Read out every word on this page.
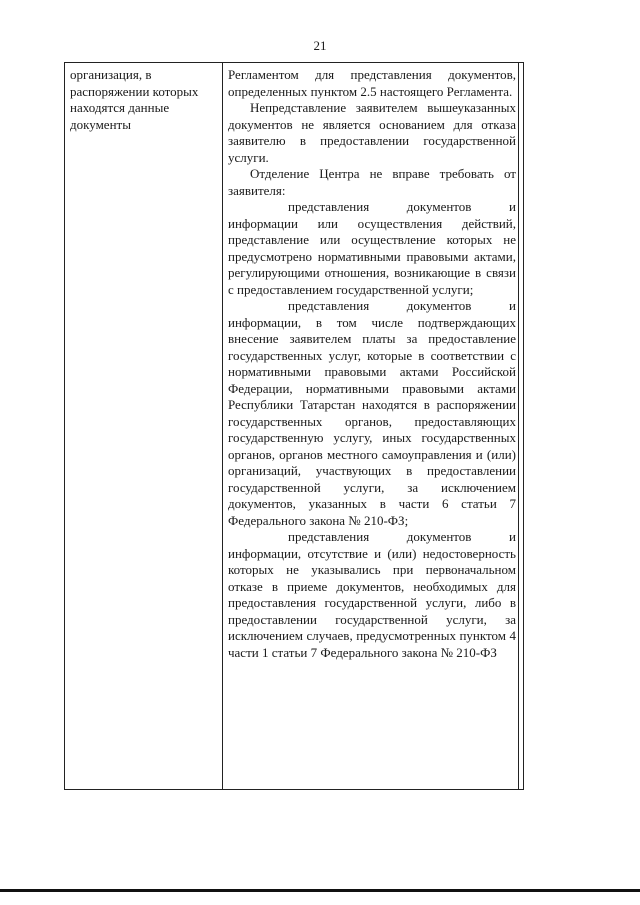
21
организация, в распоряжении которых находятся данные документы

Регламентом для представления документов, определенных пунктом 2.5 настоящего Регламента.

Непредставление заявителем вышеуказанных документов не является основанием для отказа заявителю в предоставлении государственной услуги.

Отделение Центра не вправе требовать от заявителя:

представления документов и информации или осуществления действий, представление или осуществление которых не предусмотрено нормативными правовыми актами, регулирующими отношения, возникающие в связи с предоставлением государственной услуги;

представления документов и информации, в том числе подтверждающих внесение заявителем платы за предоставление государственных услуг, которые в соответствии с нормативными правовыми актами Российской Федерации, нормативными правовыми актами Республики Татарстан находятся в распоряжении государственных органов, предоставляющих государственную услугу, иных государственных органов, органов местного самоуправления и (или) организаций, участвующих в предоставлении государственной услуги, за исключением документов, указанных в части 6 статьи 7 Федерального закона № 210-ФЗ;

представления документов и информации, отсутствие и (или) недостоверность которых не указывались при первоначальном отказе в приеме документов, необходимых для предоставления государственной услуги, либо в предоставлении государственной услуги, за исключением случаев, предусмотренных пунктом 4 части 1 статьи 7 Федерального закона № 210-ФЗ
